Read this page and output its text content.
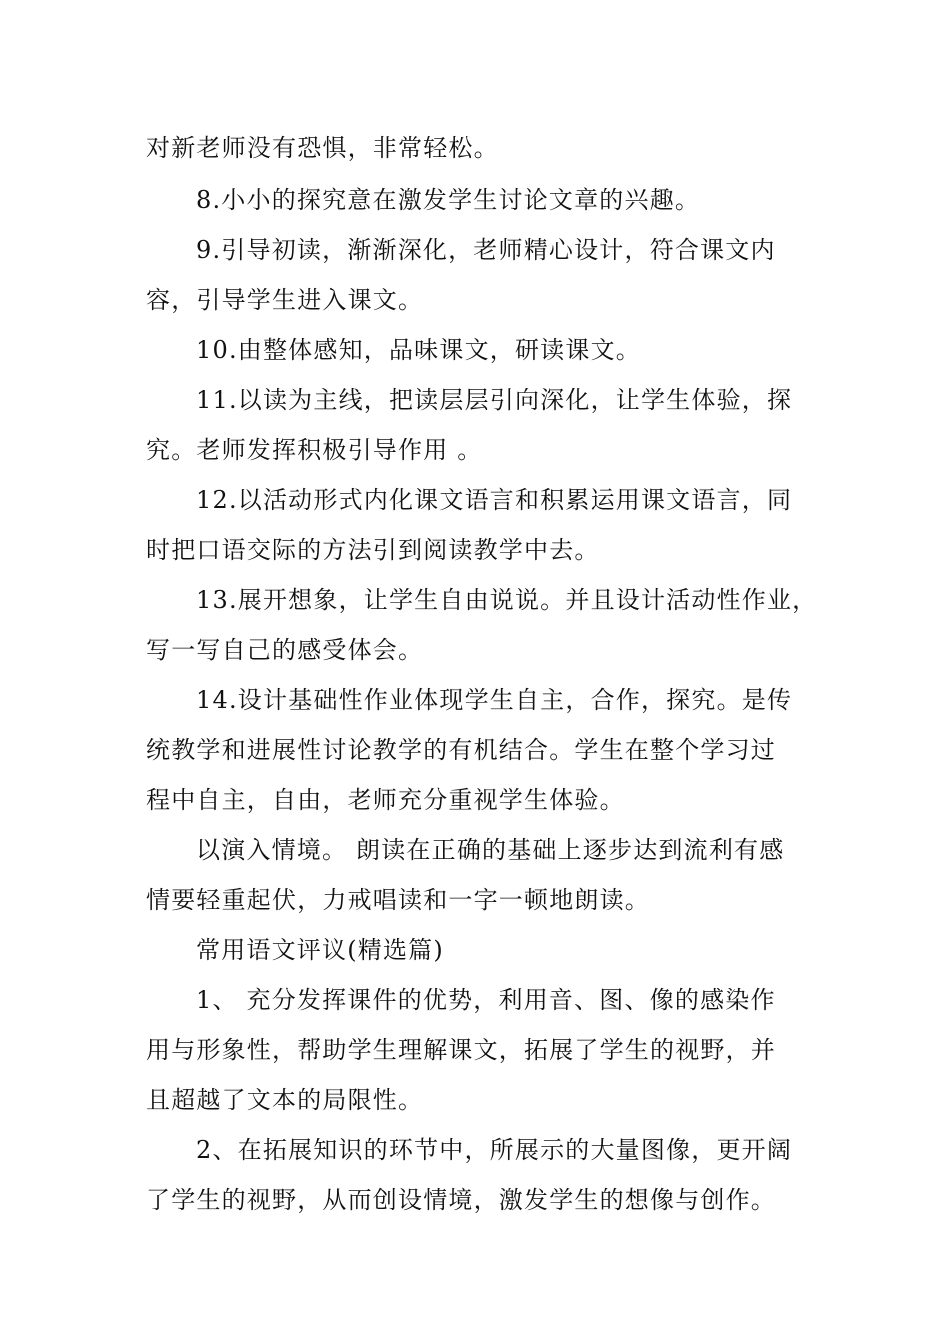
对新老师没有恐惧，非常轻松。
8.小小的探究意在激发学生讨论文章的兴趣。
9.引导初读，渐渐深化，老师精心设计，符合课文内
容，引导学生进入课文。
10.由整体感知，品味课文，研读课文。
11.以读为主线，把读层层引向深化，让学生体验，探
究。老师发挥积极引导作用 。
12.以活动形式内化课文语言和积累运用课文语言，同
时把口语交际的方法引到阅读教学中去。
13.展开想象，让学生自由说说。并且设计活动性作业，
写一写自己的感受体会。
14.设计基础性作业体现学生自主，合作，探究。是传
统教学和进展性讨论教学的有机结合。学生在整个学习过
程中自主，自由，老师充分重视学生体验。
以演入情境。 朗读在正确的基础上逐步达到流利有感
情要轻重起伏，力戒唱读和一字一顿地朗读。
常用语文评议(精选篇)
1、 充分发挥课件的优势，利用音、图、像的感染作
用与形象性，帮助学生理解课文，拓展了学生的视野，并
且超越了文本的局限性。
2、在拓展知识的环节中，所展示的大量图像，更开阔
了学生的视野，从而创设情境，激发学生的想像与创作。
